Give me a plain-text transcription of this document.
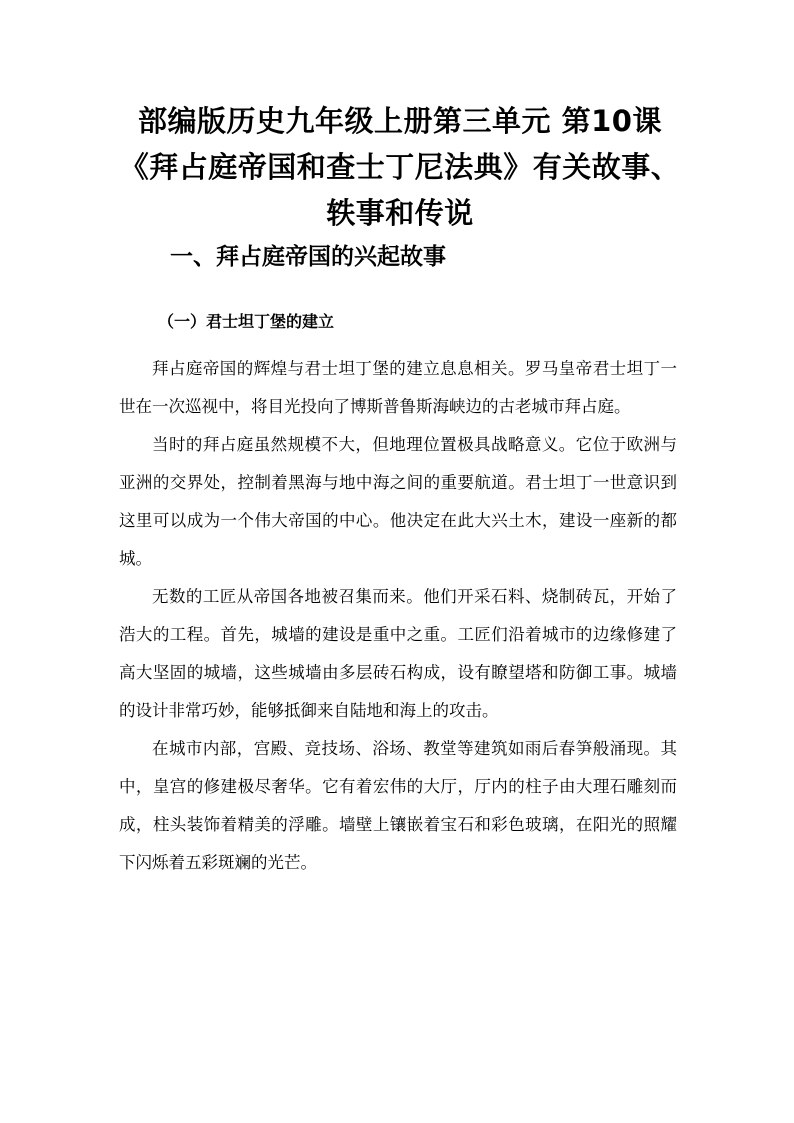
部编版历史九年级上册第三单元 第10课《拜占庭帝国和查士丁尼法典》有关故事、轶事和传说
一、拜占庭帝国的兴起故事
（一）君士坦丁堡的建立

拜占庭帝国的辉煌与君士坦丁堡的建立息息相关。罗马皇帝君士坦丁一世在一次巡视中，将目光投向了博斯普鲁斯海峡边的古老城市拜占庭。

当时的拜占庭虽然规模不大，但地理位置极具战略意义。它位于欧洲与亚洲的交界处，控制着黑海与地中海之间的重要航道。君士坦丁一世意识到这里可以成为一个伟大帝国的中心。他决定在此大兴土木，建设一座新的都城。

无数的工匠从帝国各地被召集而来。他们开采石料、烧制砖瓦，开始了浩大的工程。首先，城墙的建设是重中之重。工匠们沿着城市的边缘修建了高大坚固的城墙，这些城墙由多层砖石构成，设有瞭望塔和防御工事。城墙的设计非常巧妙，能够抵御来自陆地和海上的攻击。

在城市内部，宫殿、竞技场、浴场、教堂等建筑如雨后春笋般涌现。其中，皇宫的修建极尽奢华。它有着宏伟的大厅，厅内的柱子由大理石雕刻而成，柱头装饰着精美的浮雕。墙壁上镶嵌着宝石和彩色玻璃，在阳光的照耀下闪烁着五彩斑斓的光芒。
